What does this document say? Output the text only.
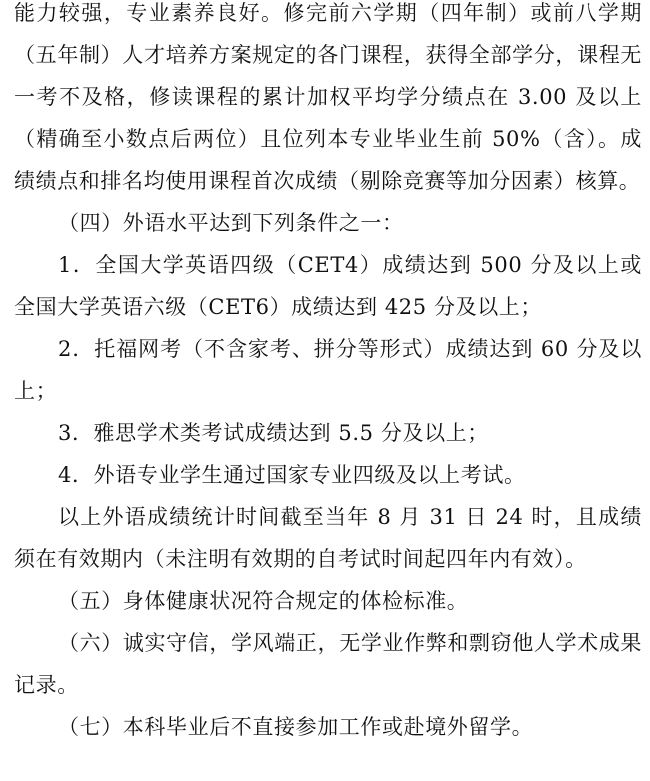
能力较强，专业素养良好。修完前六学期（四年制）或前八学期（五年制）人才培养方案规定的各门课程，获得全部学分，课程无一考不及格，修读课程的累计加权平均学分绩点在 3.00 及以上（精确至小数点后两位）且位列本专业毕业生前 50%（含）。成绩绩点和排名均使用课程首次成绩（剔除竞赛等加分因素）核算。

（四）外语水平达到下列条件之一：

1．全国大学英语四级（CET4）成绩达到 500 分及以上或全国大学英语六级（CET6）成绩达到 425 分及以上；

2．托福网考（不含家考、拼分等形式）成绩达到 60 分及以上；

3．雅思学术类考试成绩达到 5.5 分及以上；

4．外语专业学生通过国家专业四级及以上考试。

以上外语成绩统计时间截至当年 8 月 31 日 24 时，且成绩须在有效期内（未注明有效期的自考试时间起四年内有效）。

（五）身体健康状况符合规定的体检标准。

（六）诚实守信，学风端正，无学业作弊和剽窃他人学术成果记录。

（七）本科毕业后不直接参加工作或赴境外留学。
